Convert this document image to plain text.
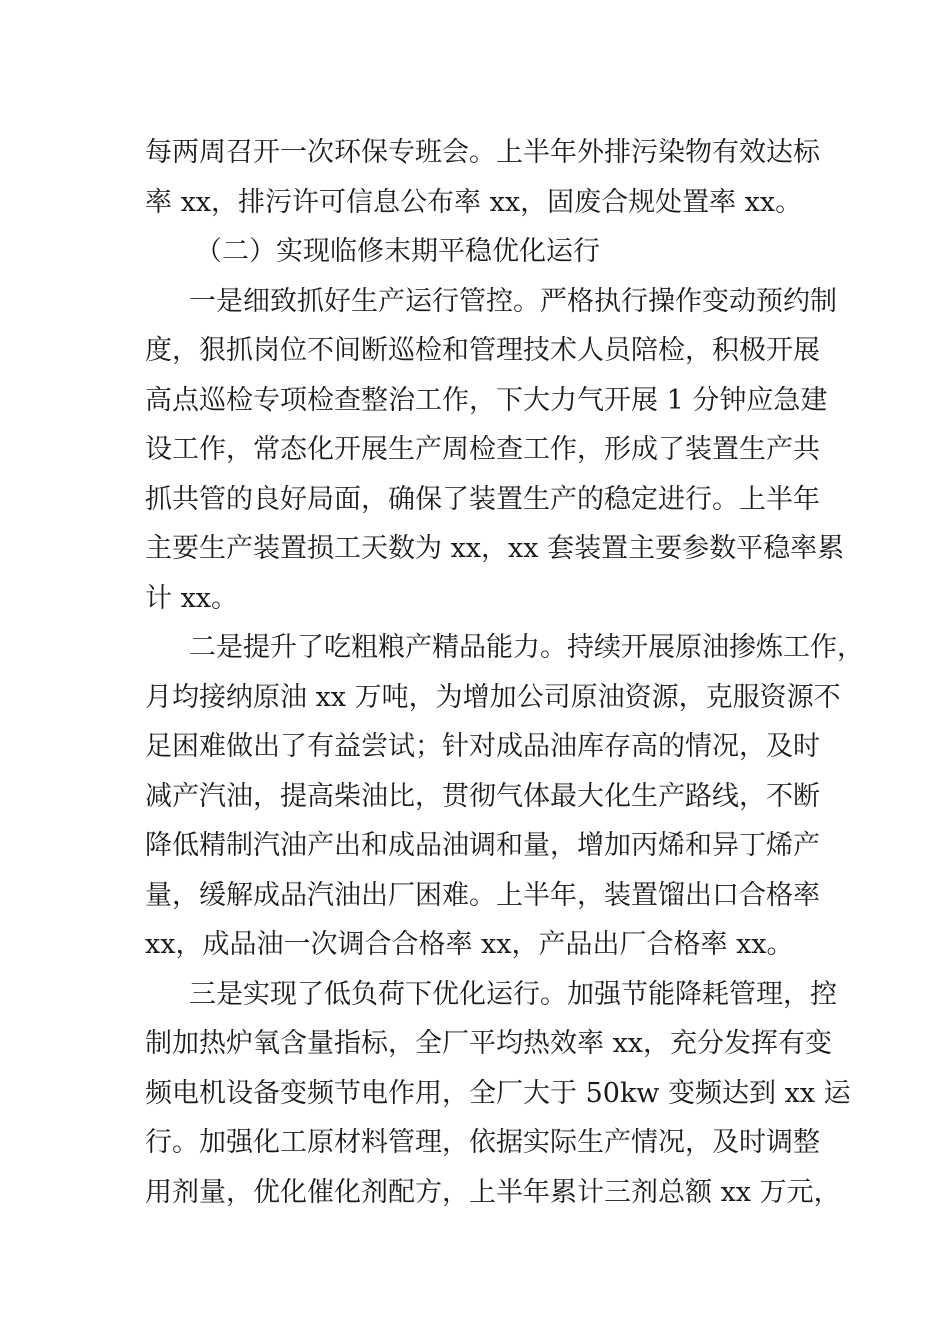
每两周召开一次环保专班会。上半年外排污染物有效达标
率 xx，排污许可信息公布率 xx，固废合规处置率 xx。
（二）实现临修末期平稳优化运行
一是细致抓好生产运行管控。严格执行操作变动预约制
度，狠抓岗位不间断巡检和管理技术人员陪检，积极开展
高点巡检专项检查整治工作，下大力气开展 1 分钟应急建
设工作，常态化开展生产周检查工作，形成了装置生产共
抓共管的良好局面，确保了装置生产的稳定进行。上半年
主要生产装置损工天数为 xx，xx 套装置主要参数平稳率累
计 xx。
二是提升了吃粗粮产精品能力。持续开展原油掺炼工作，
月均接纳原油 xx 万吨，为增加公司原油资源，克服资源不
足困难做出了有益尝试；针对成品油库存高的情况，及时
减产汽油，提高柴油比，贯彻气体最大化生产路线，不断
降低精制汽油产出和成品油调和量，增加丙烯和异丁烯产
量，缓解成品汽油出厂困难。上半年，装置馏出口合格率
xx，成品油一次调合合格率 xx，产品出厂合格率 xx。
三是实现了低负荷下优化运行。加强节能降耗管理，控
制加热炉氧含量指标，全厂平均热效率 xx，充分发挥有变
频电机设备变频节电作用，全厂大于 50kw 变频达到 xx 运
行。加强化工原材料管理，依据实际生产情况，及时调整
用剂量，优化催化剂配方，上半年累计三剂总额 xx 万元，
